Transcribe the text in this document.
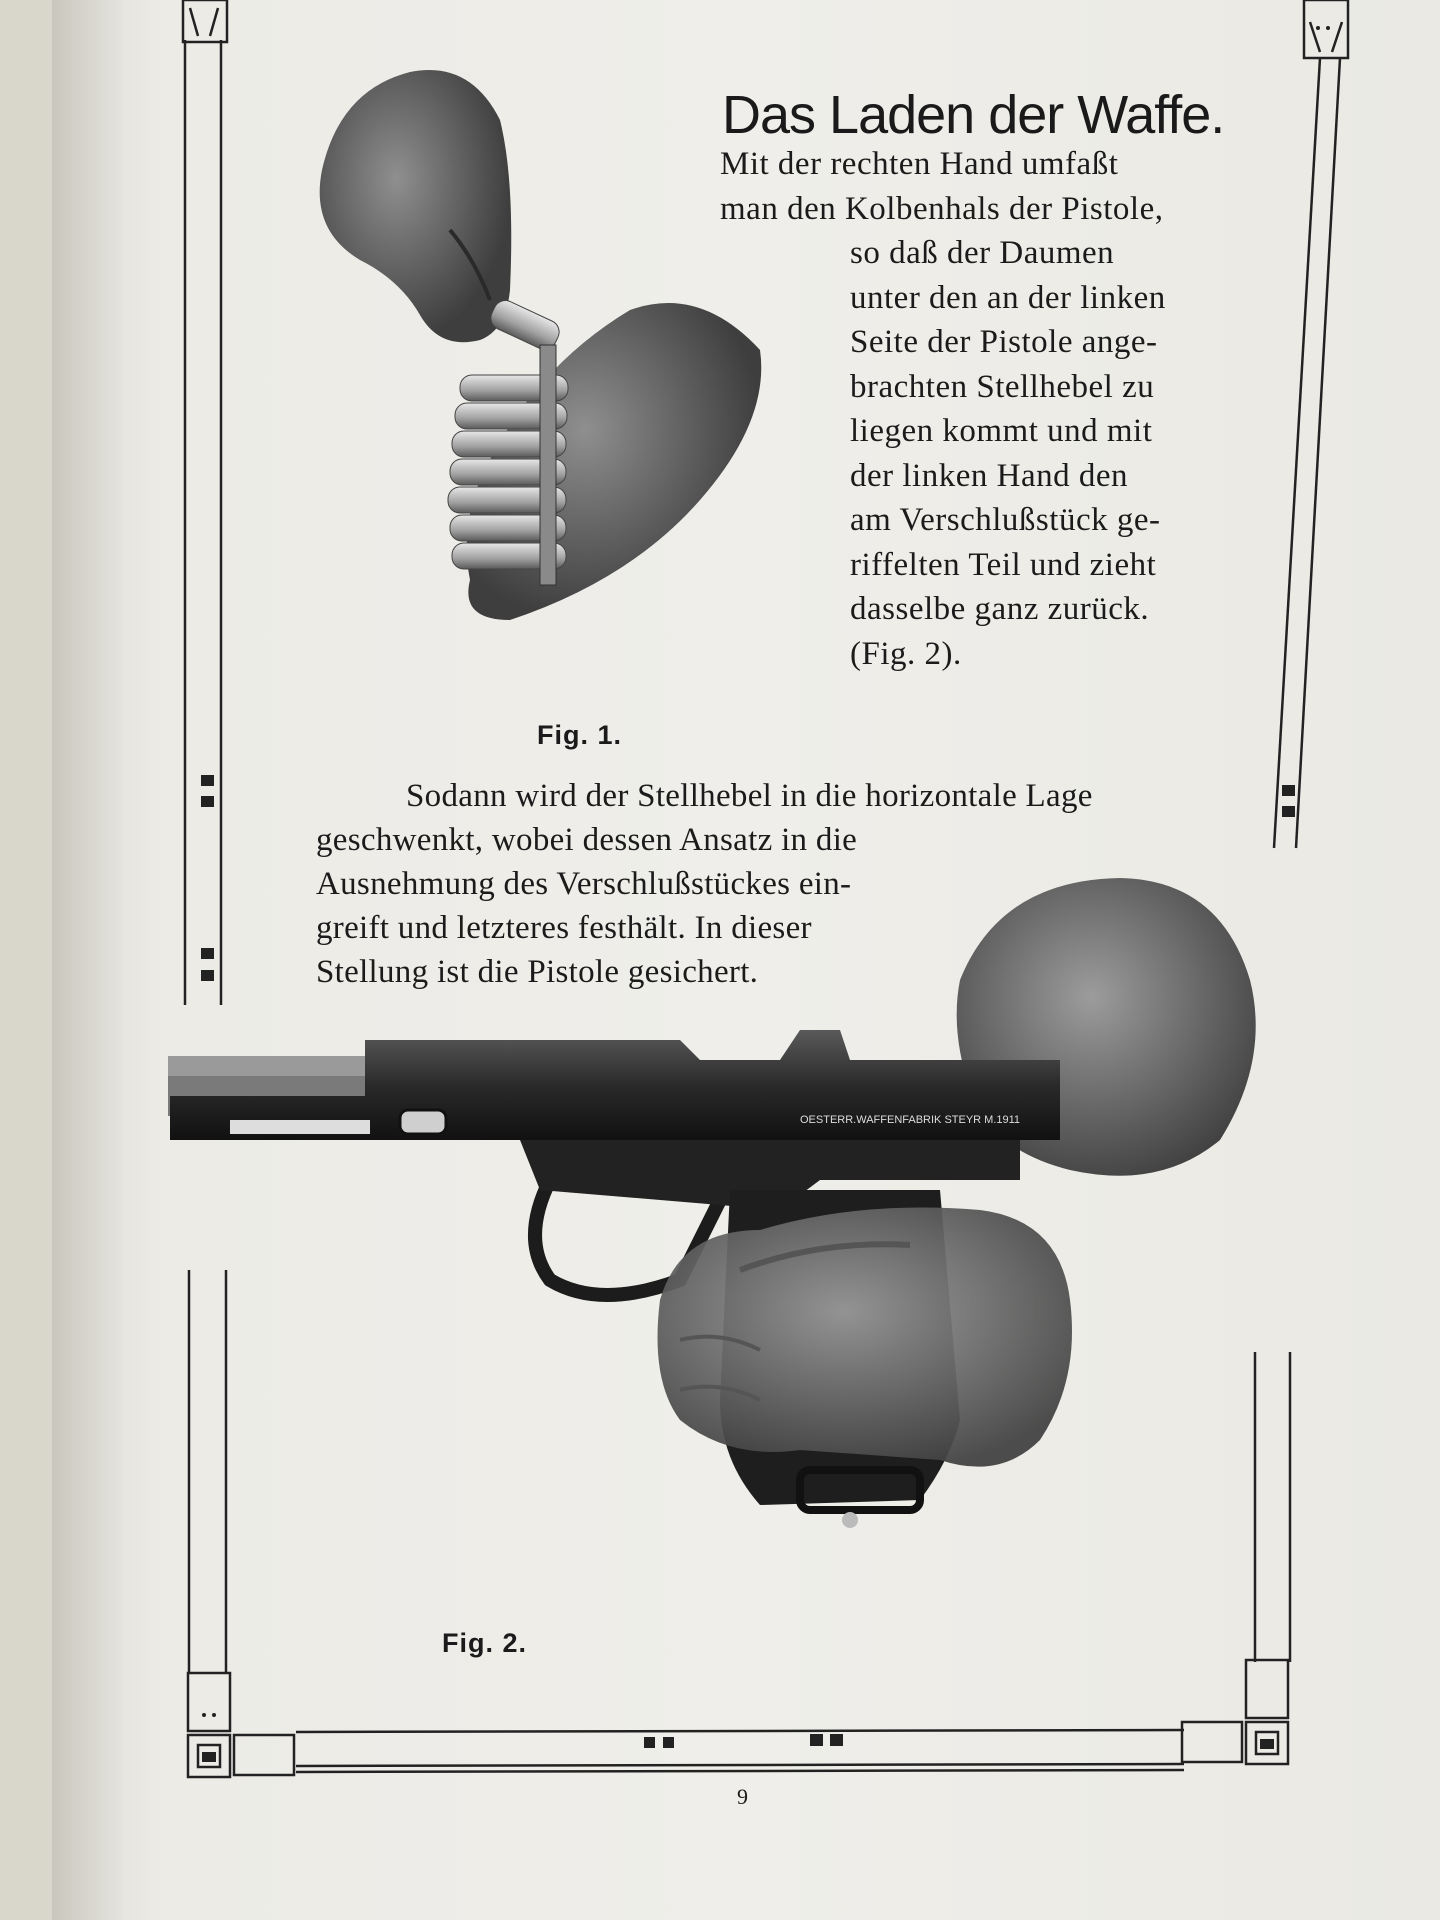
OESTERR.WAFFENFABRIK STEYR M.1911
Das Laden der Waffe.
Mit der rechten Hand umfaßt
man den Kolbenhals der Pistole,
so daß der Daumen
unter den an der linken
Seite der Pistole ange-
brachten Stellhebel zu
liegen kommt und mit
der linken Hand den
am Verschlußstück ge-
riffelten Teil und zieht
dasselbe ganz zurück.
(Fig. 2).
Fig. 1.
Sodann wird der Stellhebel in die horizontale Lage
geschwenkt, wobei dessen Ansatz in die
Ausnehmung des Verschlußstückes ein-
greift und letzteres festhält. In dieser
Stellung ist die Pistole gesichert.
Fig. 2.
9
